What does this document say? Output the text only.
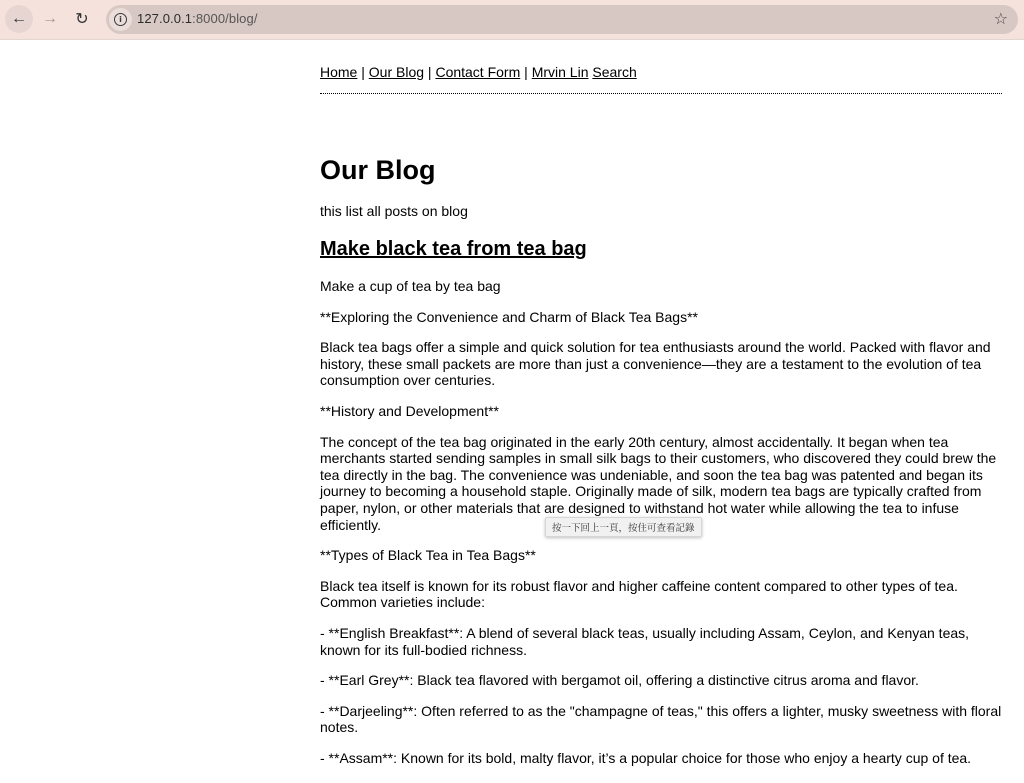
← → ↻	i	127.0.0.1:8000/blog/	☆
Home | Our Blog | Contact Form | Mrvin Lin Search
Our Blog

this list all posts on blog

Make black tea from tea bag

Make a cup of tea by tea bag

**Exploring the Convenience and Charm of Black Tea Bags**

Black tea bags offer a simple and quick solution for tea enthusiasts around the world. Packed with flavor and history, these small packets are more than just a convenience—they are a testament to the evolution of tea consumption over centuries.

**History and Development**

The concept of the tea bag originated in the early 20th century, almost accidentally. It began when tea merchants started sending samples in small silk bags to their customers, who discovered they could brew the tea directly in the bag. The convenience was undeniable, and soon the tea bag was patented and began its journey to becoming a household staple. Originally made of silk, modern tea bags are typically crafted from paper, nylon, or other materials that are designed to withstand hot water while allowing the tea to infuse efficiently.

**Types of Black Tea in Tea Bags**

Black tea itself is known for its robust flavor and higher caffeine content compared to other types of tea. Common varieties include:

- **English Breakfast**: A blend of several black teas, usually including Assam, Ceylon, and Kenyan teas, known for its full-bodied richness.

- **Earl Grey**: Black tea flavored with bergamot oil, offering a distinctive citrus aroma and flavor.

- **Darjeeling**: Often referred to as the "champagne of teas," this offers a lighter, musky sweetness with floral notes.

- **Assam**: Known for its bold, malty flavor, it’s a popular choice for those who enjoy a hearty cup of tea.

按一下回上一頁，按住可查看記錄
